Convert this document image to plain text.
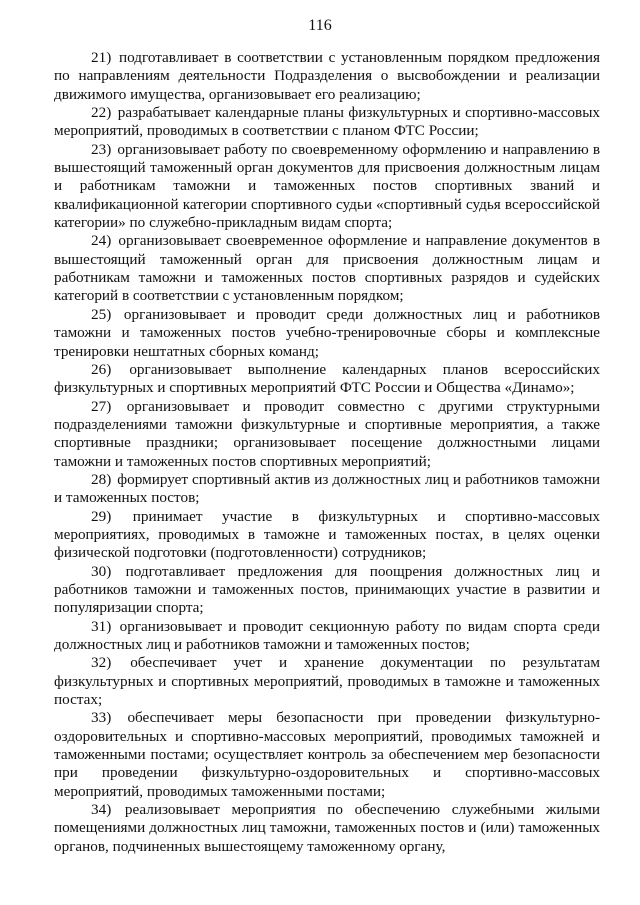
116

21) подготавливает в соответствии с установленным порядком предложения по направлениям деятельности Подразделения о высвобождении и реализации движимого имущества, организовывает его реализацию;

22) разрабатывает календарные планы физкультурных и спортивно-массовых мероприятий, проводимых в соответствии с планом ФТС России;

23) организовывает работу по своевременному оформлению и направлению в вышестоящий таможенный орган документов для присвоения должностным лицам и работникам таможни и таможенных постов спортивных званий и квалификационной категории спортивного судьи «спортивный судья всероссийской категории» по служебно-прикладным видам спорта;

24) организовывает своевременное оформление и направление документов в вышестоящий таможенный орган для присвоения должностным лицам и работникам таможни и таможенных постов спортивных разрядов и судейских категорий в соответствии с установленным порядком;

25) организовывает и проводит среди должностных лиц и работников таможни и таможенных постов учебно-тренировочные сборы и комплексные тренировки нештатных сборных команд;

26) организовывает выполнение календарных планов всероссийских физкультурных и спортивных мероприятий ФТС России и Общества «Динамо»;

27) организовывает и проводит совместно с другими структурными подразделениями таможни физкультурные и спортивные мероприятия, а также спортивные праздники; организовывает посещение должностными лицами таможни и таможенных постов спортивных мероприятий;

28) формирует спортивный актив из должностных лиц и работников таможни и таможенных постов;

29) принимает участие в физкультурных и спортивно-массовых мероприятиях, проводимых в таможне и таможенных постах, в целях оценки физической подготовки (подготовленности) сотрудников;

30) подготавливает предложения для поощрения должностных лиц и работников таможни и таможенных постов, принимающих участие в развитии и популяризации спорта;

31) организовывает и проводит секционную работу по видам спорта среди должностных лиц и работников таможни и таможенных постов;

32) обеспечивает учет и хранение документации по результатам физкультурных и спортивных мероприятий, проводимых в таможне и таможенных постах;

33) обеспечивает меры безопасности при проведении физкультурно-оздоровительных и спортивно-массовых мероприятий, проводимых таможней и таможенными постами; осуществляет контроль за обеспечением мер безопасности при проведении физкультурно-оздоровительных и спортивно-массовых мероприятий, проводимых таможенными постами;

34) реализовывает мероприятия по обеспечению служебными жилыми помещениями должностных лиц таможни, таможенных постов и (или) таможенных органов, подчиненных вышестоящему таможенному органу,
